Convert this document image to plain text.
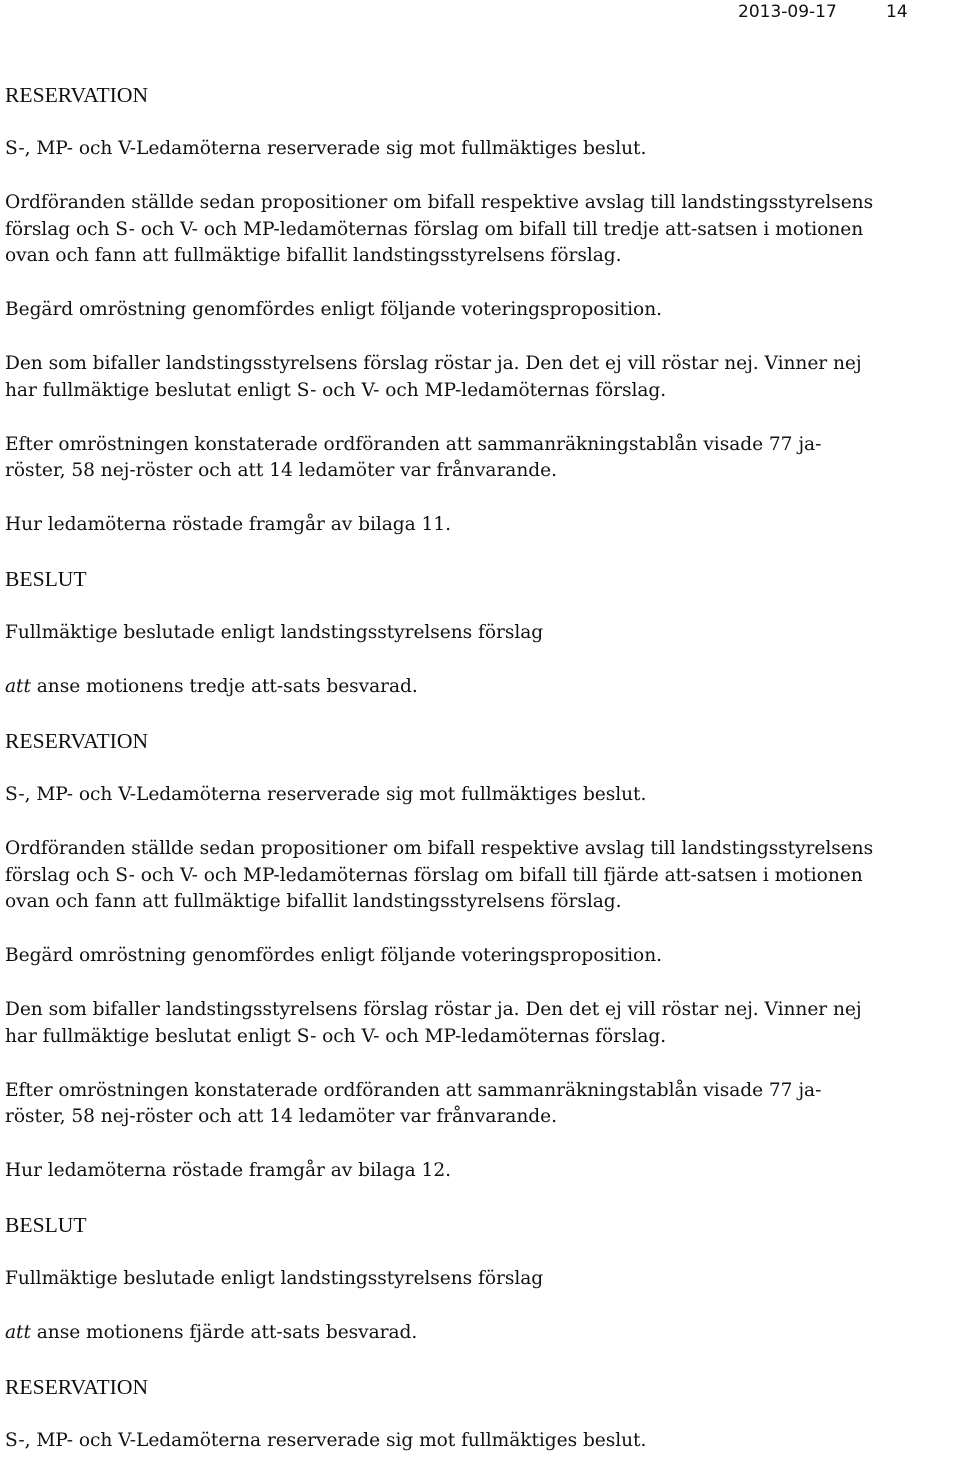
2013-09-17	14
RESERVATION
S-, MP- och V-Ledamöterna reserverade sig mot fullmäktiges beslut.
Ordföranden ställde sedan propositioner om bifall respektive avslag till landstingsstyrelsens
förslag och S- och V- och MP-ledamöternas förslag om bifall till tredje att-satsen i motionen
ovan och fann att fullmäktige bifallit landstingsstyrelsens förslag.
Begärd omröstning genomfördes enligt följande voteringsproposition.
Den som bifaller landstingsstyrelsens förslag röstar ja. Den det ej vill röstar nej. Vinner nej
har fullmäktige beslutat enligt S- och V- och MP-ledamöternas förslag.
Efter omröstningen konstaterade ordföranden att sammanräkningstablån visade 77 ja-
röster, 58 nej-röster och att 14 ledamöter var frånvarande.
Hur ledamöterna röstade framgår av bilaga 11.
BESLUT
Fullmäktige beslutade enligt landstingsstyrelsens förslag
att anse motionens tredje att-sats besvarad.
RESERVATION
S-, MP- och V-Ledamöterna reserverade sig mot fullmäktiges beslut.
Ordföranden ställde sedan propositioner om bifall respektive avslag till landstingsstyrelsens
förslag och S- och V- och MP-ledamöternas förslag om bifall till fjärde att-satsen i motionen
ovan och fann att fullmäktige bifallit landstingsstyrelsens förslag.
Begärd omröstning genomfördes enligt följande voteringsproposition.
Den som bifaller landstingsstyrelsens förslag röstar ja. Den det ej vill röstar nej. Vinner nej
har fullmäktige beslutat enligt S- och V- och MP-ledamöternas förslag.
Efter omröstningen konstaterade ordföranden att sammanräkningstablån visade 77 ja-
röster, 58 nej-röster och att 14 ledamöter var frånvarande.
Hur ledamöterna röstade framgår av bilaga 12.
BESLUT
Fullmäktige beslutade enligt landstingsstyrelsens förslag
att anse motionens fjärde att-sats besvarad.
RESERVATION
S-, MP- och V-Ledamöterna reserverade sig mot fullmäktiges beslut.
